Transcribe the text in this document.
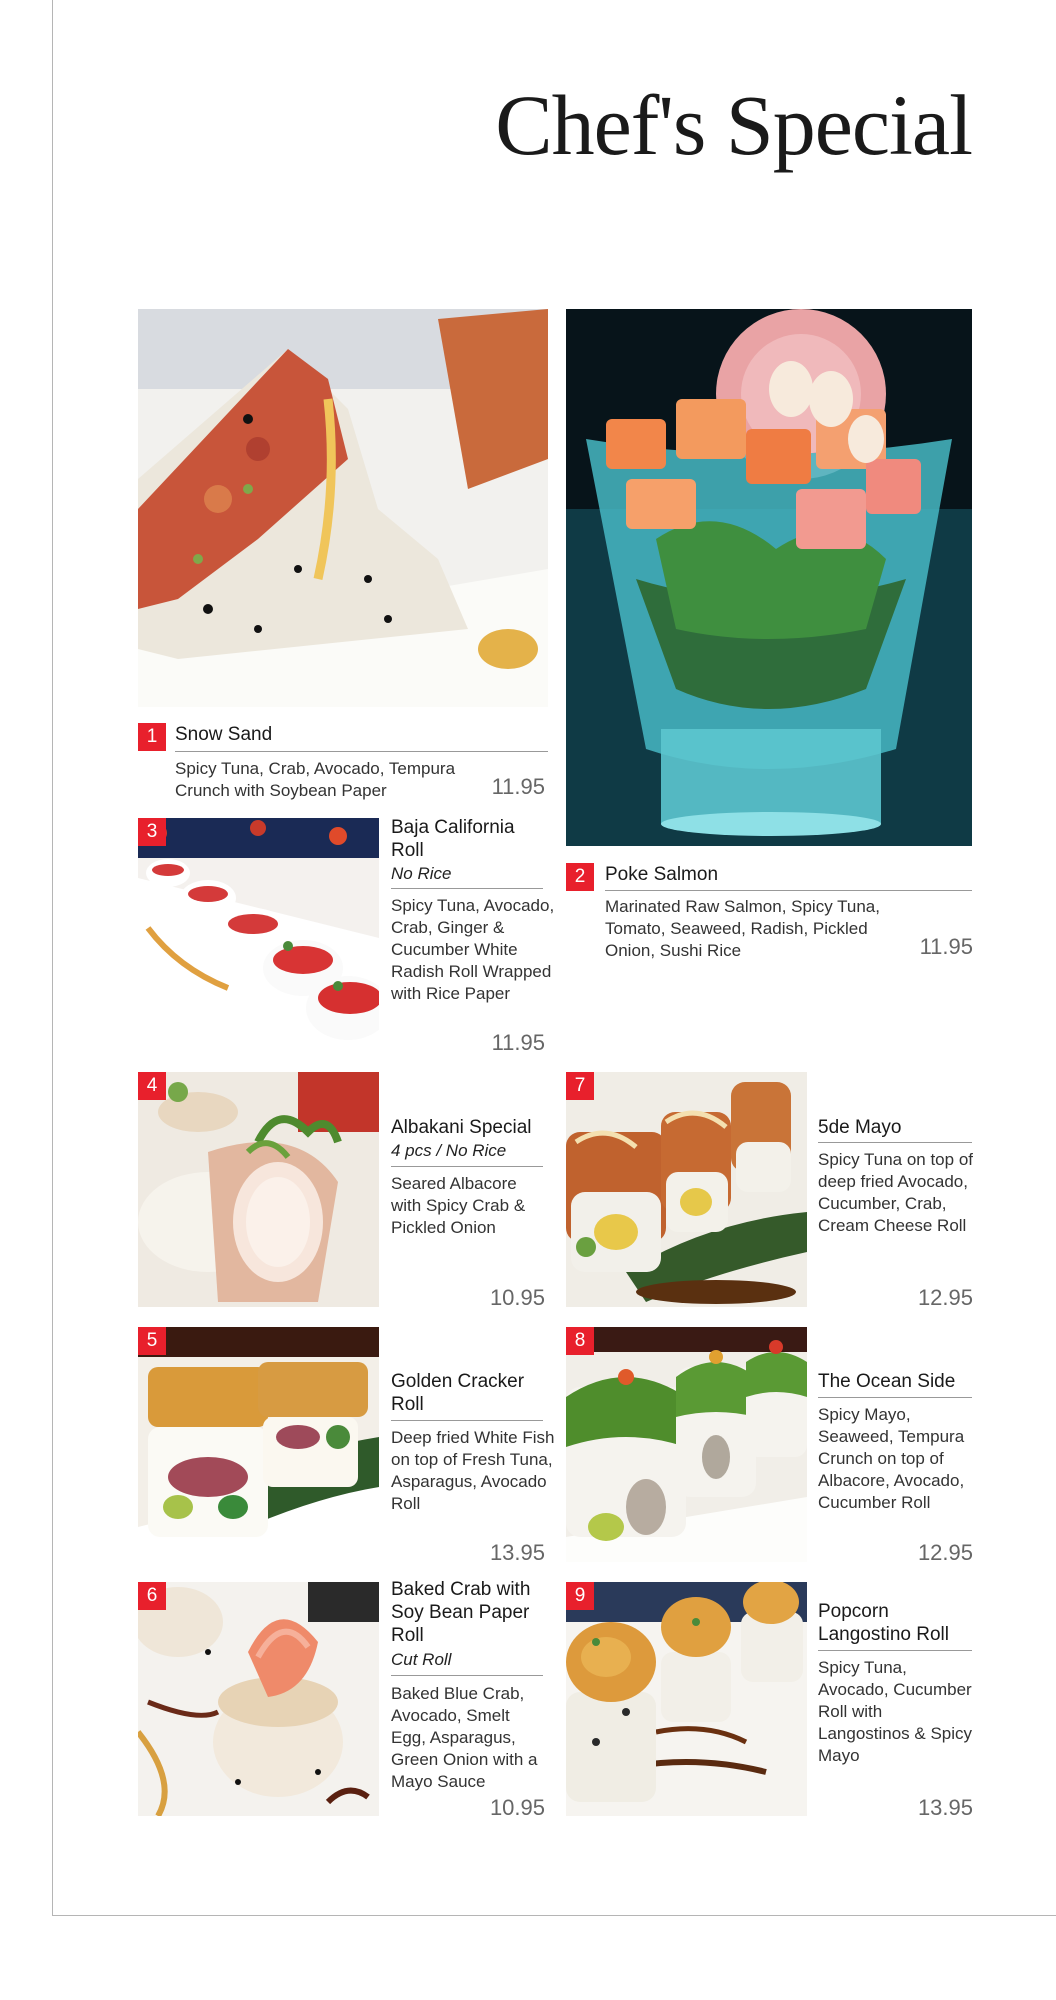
Chef's Special
1 Snow Sand
Spicy Tuna, Crab, Avocado, Tempura Crunch with Soybean Paper	11.95
2	Poke Salmon
Marinated Raw Salmon, Spicy Tuna, Tomato, Seaweed, Radish, Pickled Onion, Sushi Rice	11.95
3	Baja California Roll
No Rice
Spicy Tuna, Avocado, Crab, Ginger & Cucumber White Radish Roll Wrapped with Rice Paper
11.95
4
Albakani Special
4 pcs / No Rice
Seared Albacore with Spicy Crab & Pickled Onion
10.95
5
Golden Cracker Roll
Deep fried White Fish on top of Fresh Tuna, Asparagus, Avocado Roll
13.95
6	Baked Crab with Soy Bean Paper Roll
Cut Roll
Baked Blue Crab, Avocado, Smelt Egg, Asparagus, Green Onion with a Mayo Sauce
10.95
7
5de Mayo
Spicy Tuna on top of deep fried Avocado, Cucumber, Crab, Cream Cheese Roll
12.95
8
The Ocean Side
Spicy Mayo, Seaweed, Tempura Crunch on top of Albacore, Avocado, Cucumber Roll
12.95
9
Popcorn Langostino Roll
Spicy Tuna, Avocado, Cucumber Roll with Langostinos & Spicy Mayo
13.95
